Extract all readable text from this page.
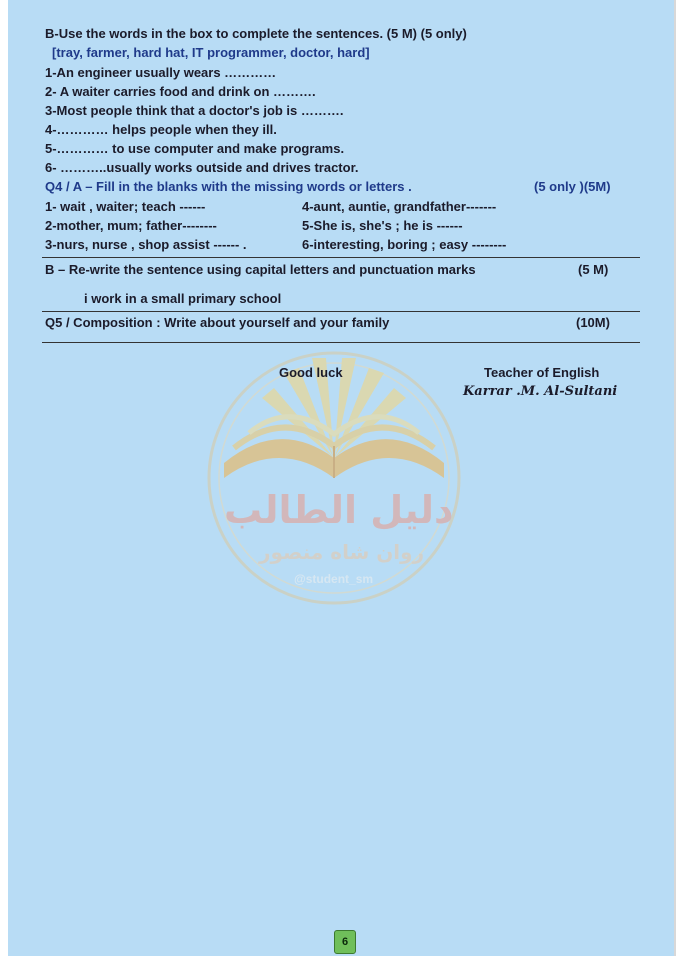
دليل الطالب
روان شاه منصور
@student_sm
B-Use the words in the box to complete the sentences. (5 M) (5 only)
[tray, farmer, hard hat, IT programmer, doctor, hard]
1-An engineer usually wears …………
2- A waiter carries food and drink on ……….
3-Most people think that a doctor's job is ……….
4-………… helps people when they ill.
5-………… to use computer and make programs.
6- ………..usually works outside and drives tractor.
Q4 / A – Fill in the blanks with the missing words or letters .	(5 only )(5M)
1- wait , waiter; teach ------	4-aunt, auntie, grandfather-------
2-mother, mum; father--------	5-She is, she's ; he is ------
3-nurs, nurse , shop assist ------ .	6-interesting, boring ; easy --------
B – Re-write the sentence using capital letters and punctuation marks	(5 M)
i work in a small primary school
Q5 / Composition : Write about yourself and your family	(10M)
Good luck	Teacher of English
Karrar .M. Al-Sultani
6
